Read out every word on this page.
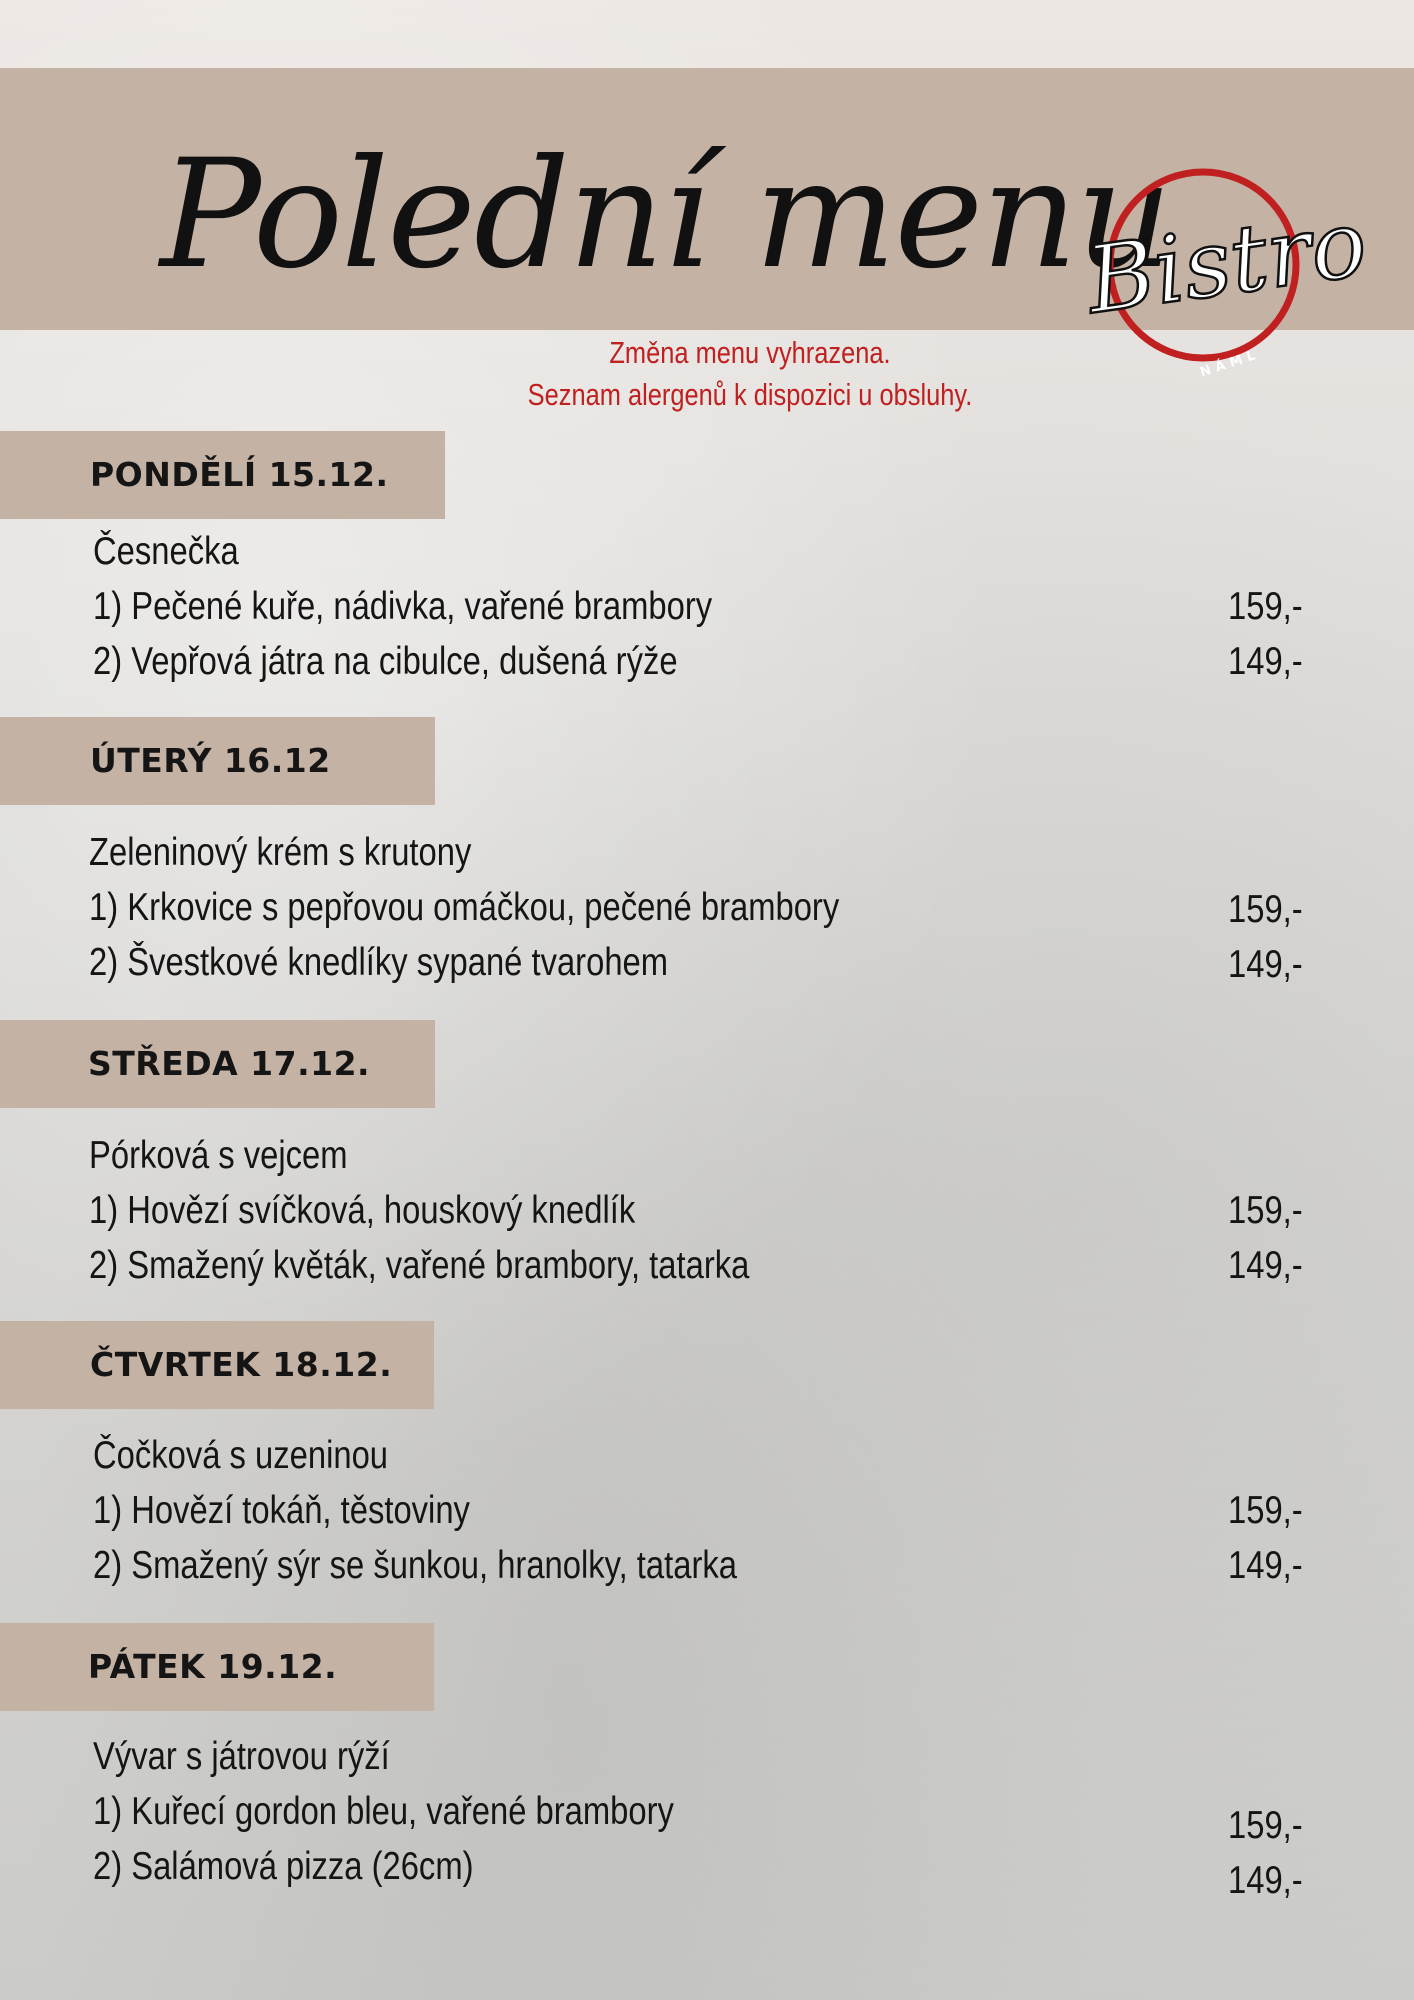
Polední menu
Bistro
NÁML
Změna menu vyhrazena.
Seznam alergenů k dispozici u obsluhy.
PONDĚLÍ 15.12.
Česnečka
1) Pečené kuře, nádivka, vařené brambory	159,-
2) Vepřová játra na cibulce, dušená rýže	149,-
ÚTERÝ 16.12
Zeleninový krém s krutony
1) Krkovice s pepřovou omáčkou, pečené brambory	159,-
2) Švestkové knedlíky sypané tvarohem	149,-
STŘEDA 17.12.
Pórková s vejcem
1) Hovězí svíčková, houskový knedlík	159,-
2) Smažený květák, vařené brambory, tatarka	149,-
ČTVRTEK 18.12.
Čočková s uzeninou
1) Hovězí tokáň, těstoviny	159,-
2) Smažený sýr se šunkou, hranolky, tatarka	149,-
PÁTEK 19.12.
Vývar s játrovou rýží
1) Kuřecí gordon bleu, vařené brambory	159,-
2) Salámová pizza (26cm)	149,-
